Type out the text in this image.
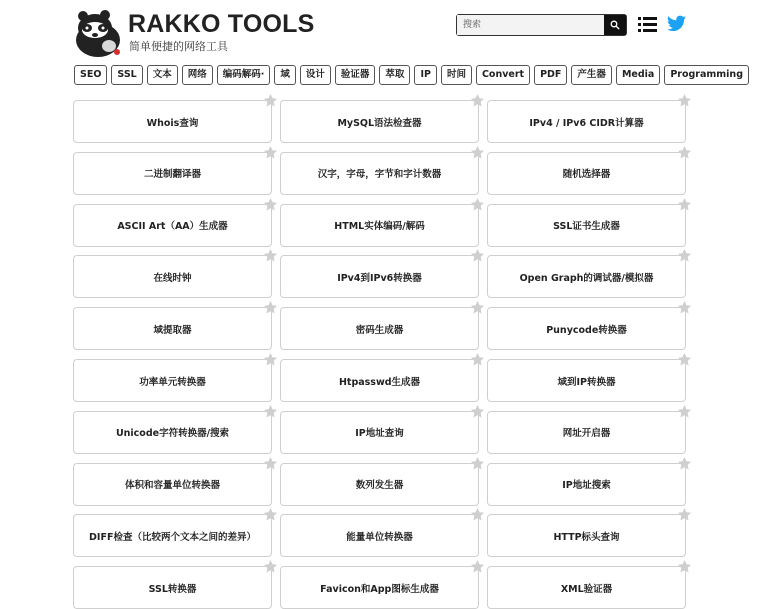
RAKKO TOOLS
简单便捷的网络工具
搜索
SEO SSL 文本 网络 编码解码· 域 设计 验证器 萃取 IP 时间 Convert PDF 产生器 Media Programming
Whois查询	MySQL语法检查器	IPv4 / IPv6 CIDR计算器
二进制翻译器	汉字，字母，字节和字计数器	随机选择器
ASCII Art（AA）生成器	HTML实体编码/解码	SSL证书生成器
在线时钟	IPv4到IPv6转换器	Open Graph的调试器/模拟器
域提取器	密码生成器	Punycode转换器
功率单元转换器	Htpasswd生成器	域到IP转换器
Unicode字符转换器/搜索	IP地址查询	网址开启器
体积和容量单位转换器	数列发生器	IP地址搜索
DIFF检查（比较两个文本之间的差异）	能量单位转换器	HTTP标头查询
SSL转换器	Favicon和App图标生成器	XML验证器
